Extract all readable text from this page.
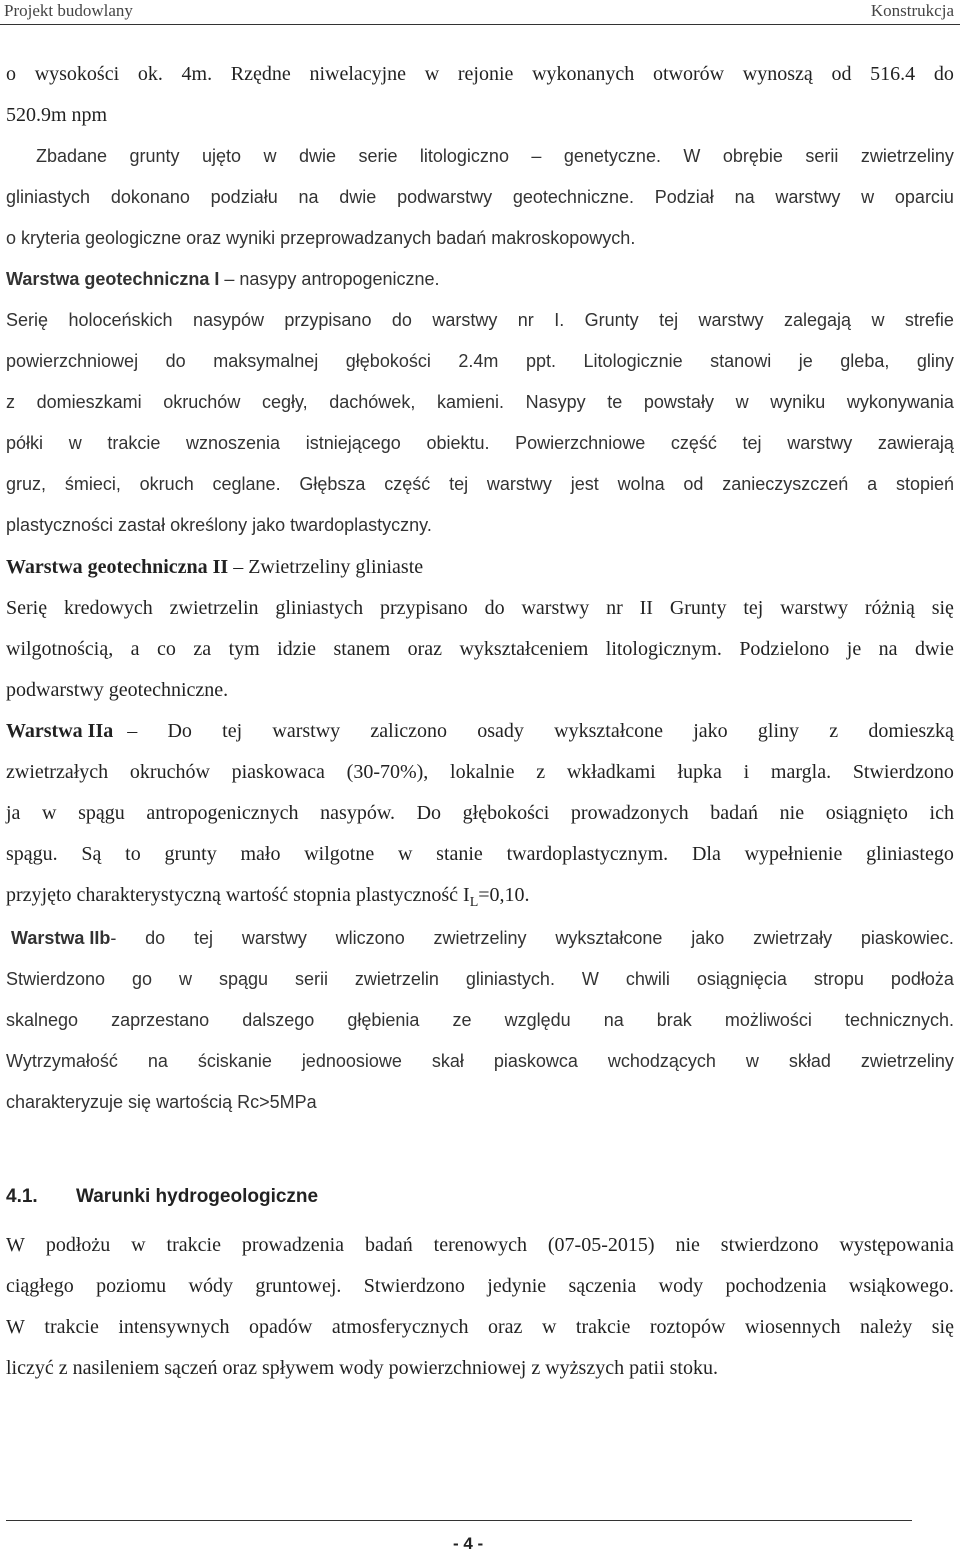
Projekt budowlany	Konstrukcja
o wysokości ok. 4m. Rzędne niwelacyjne w rejonie wykonanych otworów wynoszą od 516.4 do
520.9m npm
Zbadane grunty ujęto w dwie serie litologiczno – genetyczne. W obrębie serii zwietrzeliny
gliniastych dokonano podziału na dwie podwarstwy geotechniczne. Podział na warstwy w oparciu
o kryteria geologiczne oraz wyniki przeprowadzanych badań makroskopowych.
Warstwa geotechniczna I – nasypy antropogeniczne.
Serię holoceńskich nasypów przypisano do warstwy nr I. Grunty tej warstwy zalegają w strefie
powierzchniowej do maksymalnej głębokości 2.4m ppt. Litologicznie stanowi je gleba, gliny
z domieszkami okruchów cegły, dachówek, kamieni. Nasypy te powstały w wyniku wykonywania
półki w trakcie wznoszenia istniejącego obiektu. Powierzchniowe część tej warstwy zawierają
gruz, śmieci, okruch ceglane. Głębsza część tej warstwy jest wolna od zanieczyszczeń a stopień
plastyczności zastał określony jako twardoplastyczny.
Warstwa geotechniczna II – Zwietrzeliny gliniaste
Serię kredowych zwietrzelin gliniastych przypisano do warstwy nr II Grunty tej warstwy różnią się
wilgotnością, a co za tym idzie stanem oraz wykształceniem litologicznym. Podzielono je na dwie
podwarstwy geotechniczne.
Warstwa IIa – Do tej warstwy zaliczono osady wykształcone jako gliny z domieszką
zwietrzałych okruchów piaskowaca (30-70%), lokalnie z wkładkami łupka i margla. Stwierdzono
ja w spągu antropogenicznych nasypów. Do głębokości prowadzonych badań nie osiągnięto ich
spągu. Są to grunty mało wilgotne w stanie twardoplastycznym. Dla wypełnienie gliniastego
przyjęto charakterystyczną wartość stopnia plastyczność $I_L=0,10$.
Warstwa IIb - do tej warstwy wliczono zwietrzeliny wykształcone jako zwietrzały piaskowiec.
Stwierdzono go w spągu serii zwietrzelin gliniastych. W chwili osiągnięcia stropu podłoża
skalnego zaprzestano dalszego głębienia ze względu na brak możliwości technicznych.
Wytrzymałość na ściskanie jednoosiowe skał piaskowca wchodzących w skład zwietrzeliny
charakteryzuje się wartością Rc>5MPa
4.1. Warunki hydrogeologiczne
W podłożu w trakcie prowadzenia badań terenowych (07-05-2015) nie stwierdzono występowania
ciągłego poziomu wódy gruntowej. Stwierdzono jedynie sączenia wody pochodzenia wsiąkowego.
W trakcie intensywnych opadów atmosferycznych oraz w trakcie roztopów wiosennych należy się
liczyć z nasileniem sączeń oraz spływem wody powierzchniowej z wyższych patii stoku.
- 4 -
